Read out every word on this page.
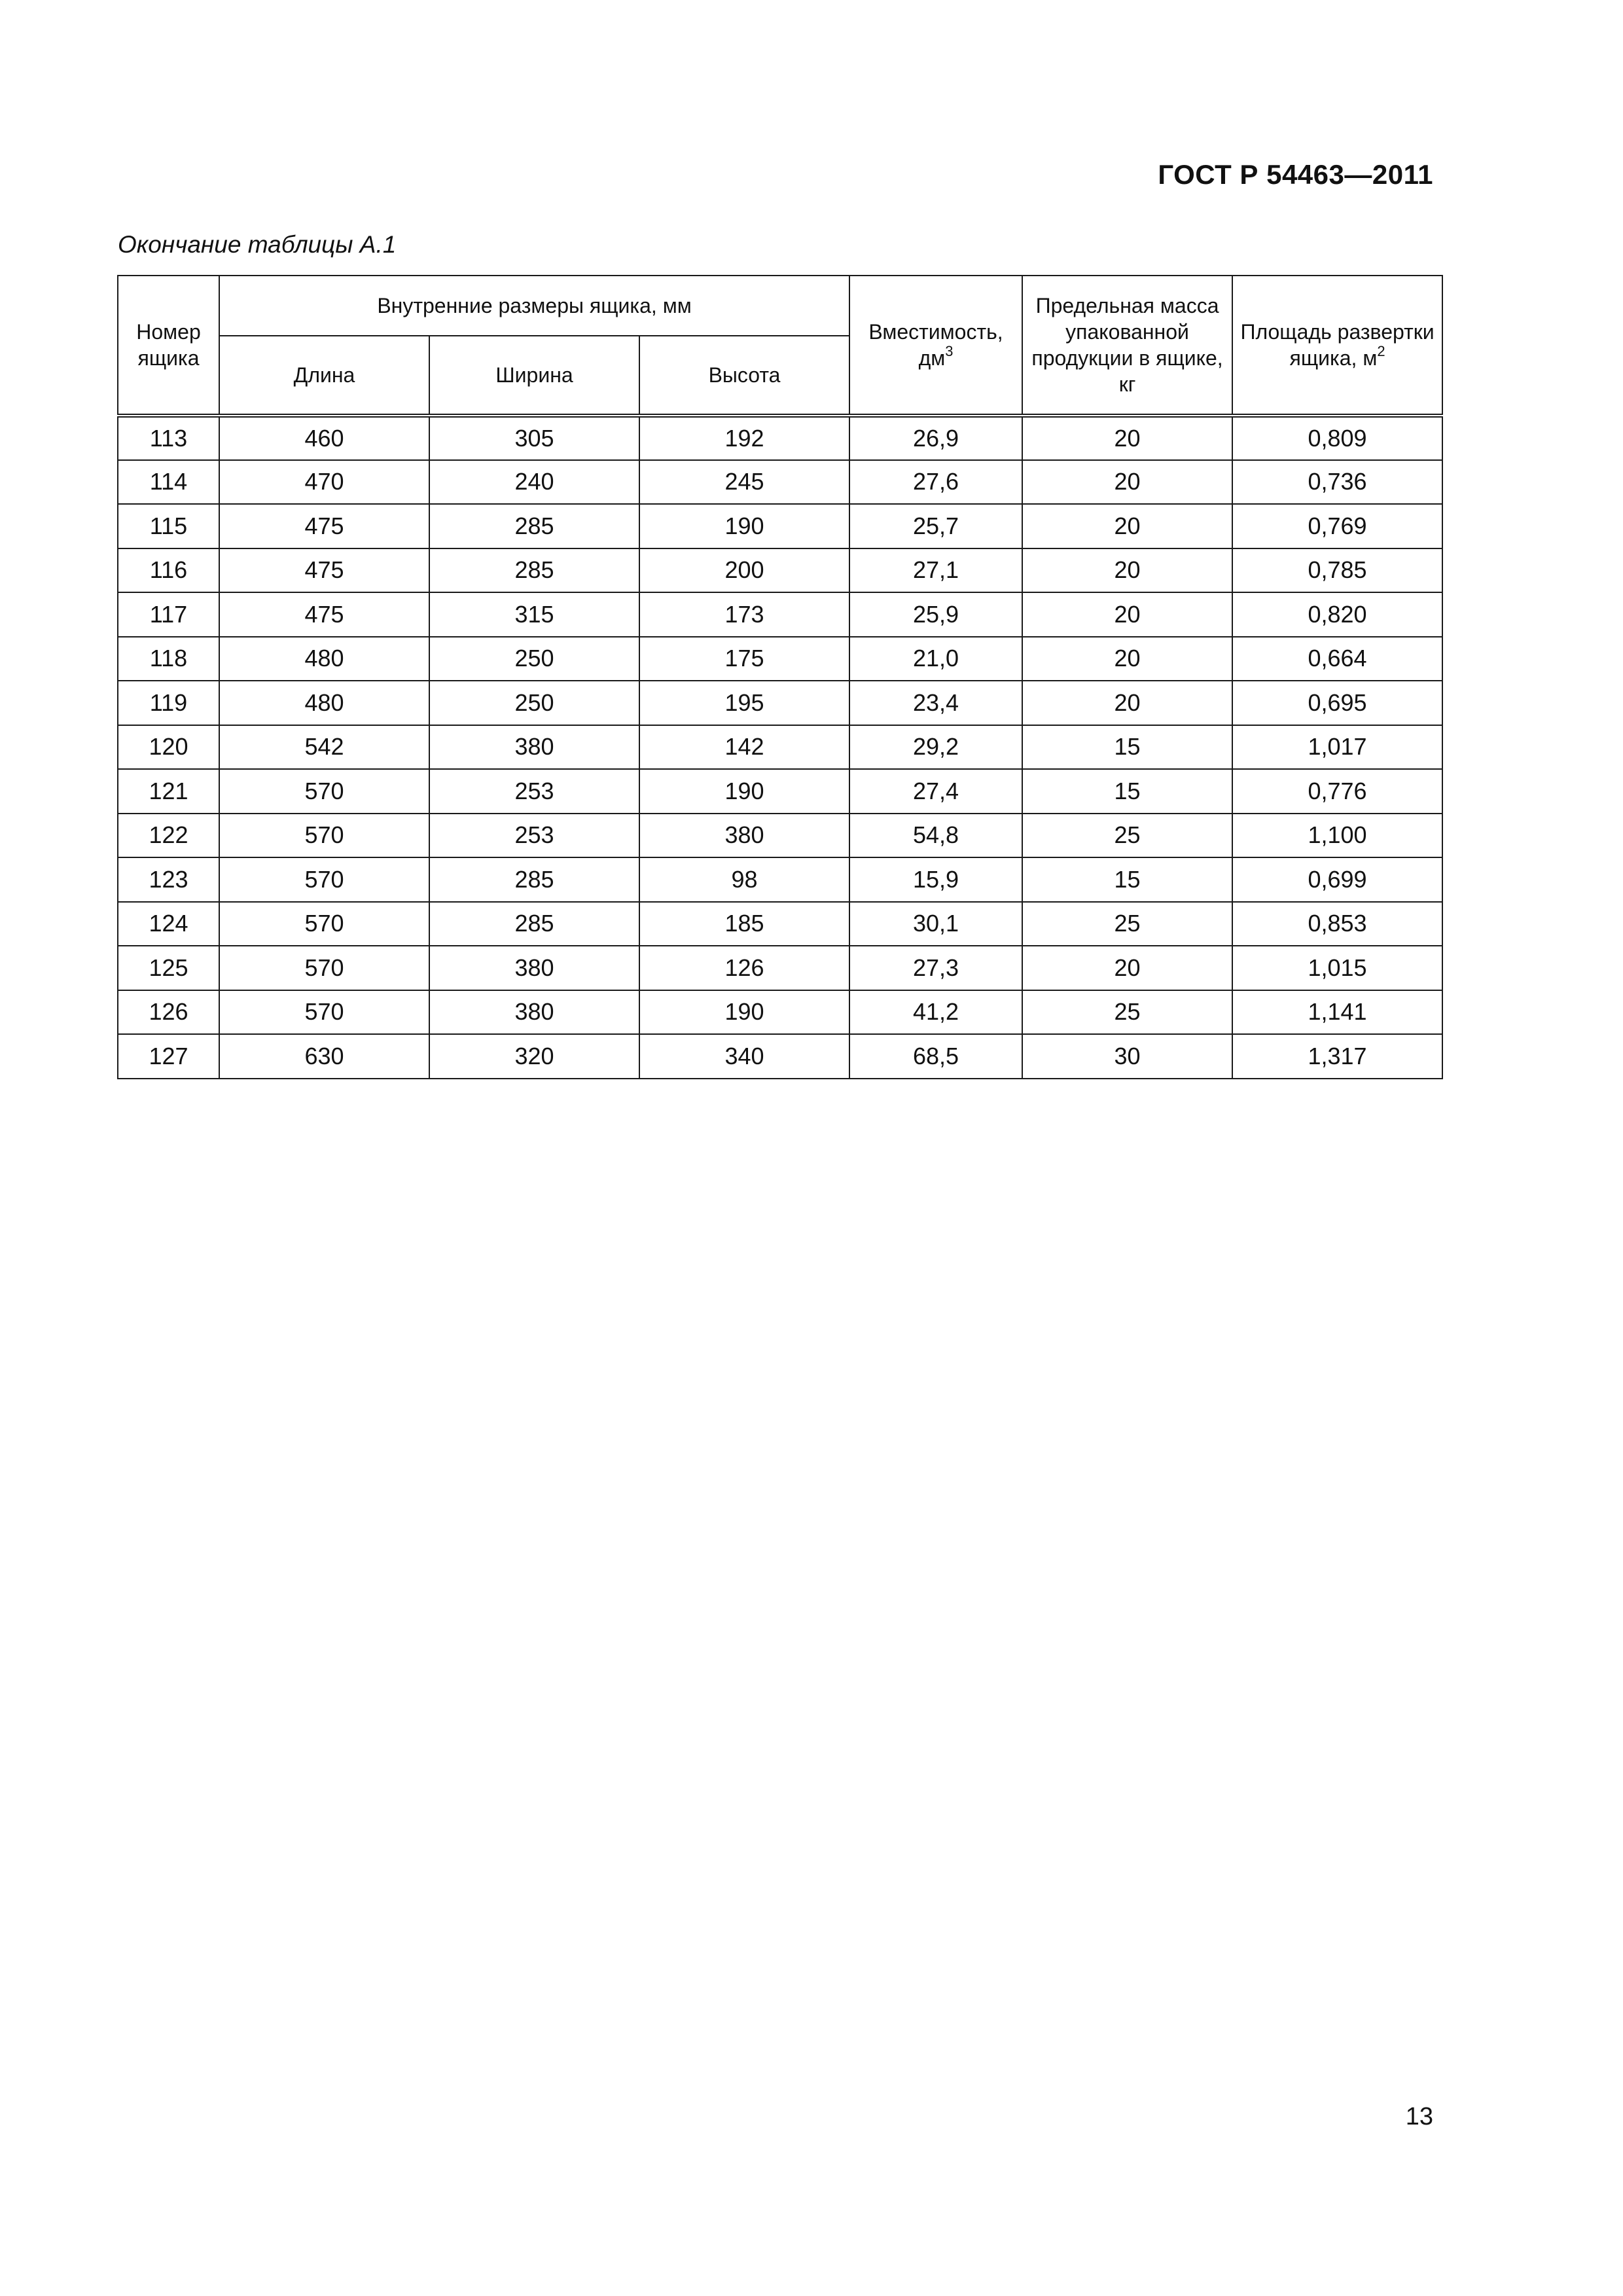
ГОСТ Р 54463—2011
Окончание таблицы А.1
Номер ящика	Внутренние размеры ящика, мм			Вместимость, $дм^3$	Предельная масса упакованной продукции в ящике, кг	Площадь развертки ящика, $м^2$
	Длина	Ширина	Высота			
113	460	305	192	26,9	20	0,809
114	470	240	245	27,6	20	0,736
115	475	285	190	25,7	20	0,769
116	475	285	200	27,1	20	0,785
117	475	315	173	25,9	20	0,820
118	480	250	175	21,0	20	0,664
119	480	250	195	23,4	20	0,695
120	542	380	142	29,2	15	1,017
121	570	253	190	27,4	15	0,776
122	570	253	380	54,8	25	1,100
123	570	285	98	15,9	15	0,699
124	570	285	185	30,1	25	0,853
125	570	380	126	27,3	20	1,015
126	570	380	190	41,2	25	1,141
127	630	320	340	68,5	30	1,317
13
